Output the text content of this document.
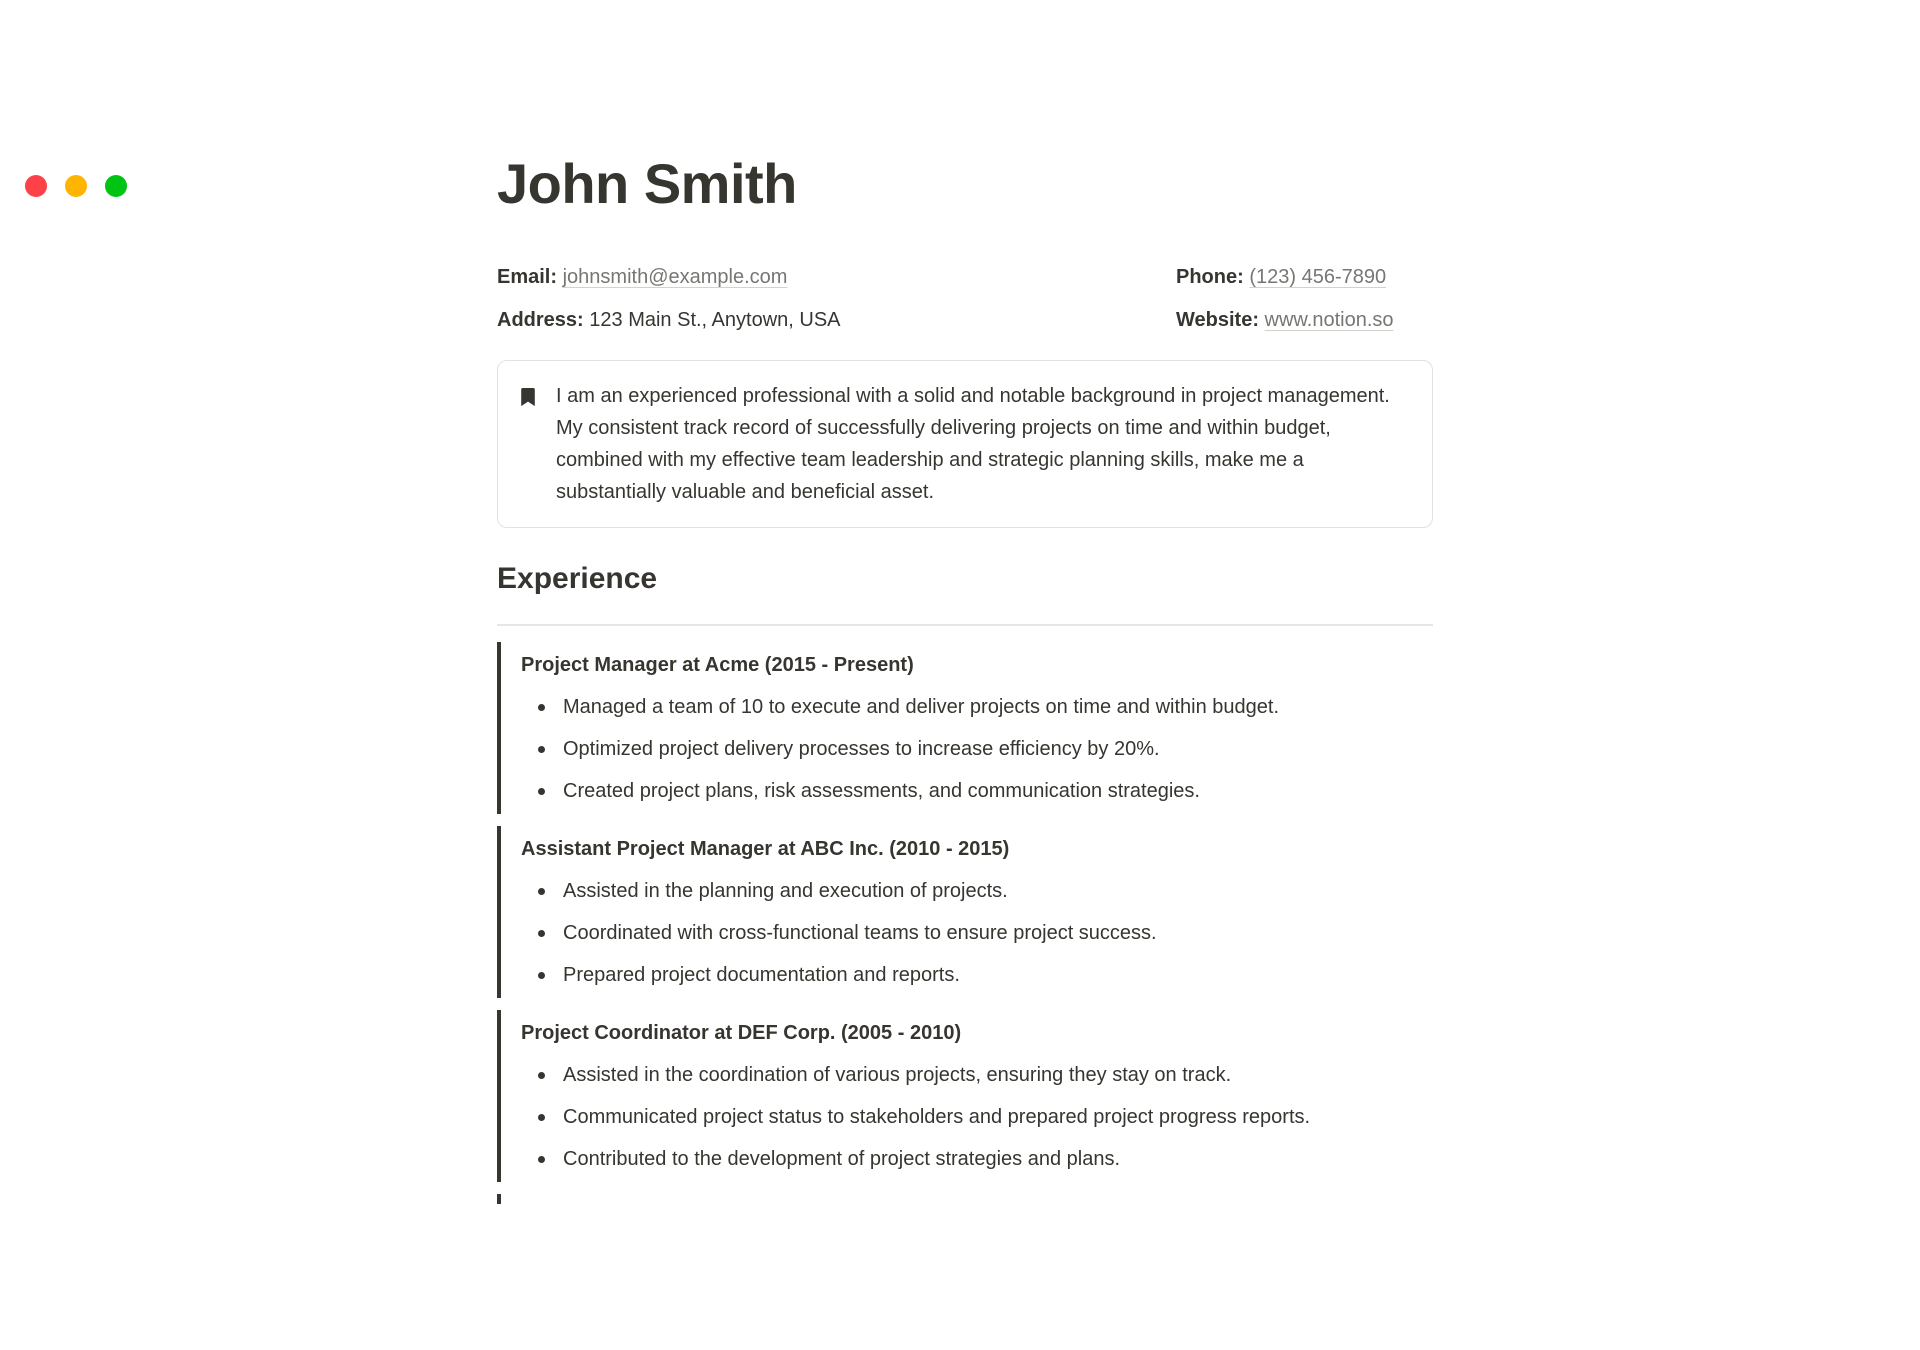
John Smith
Email: johnsmith@example.com	Phone: (123) 456-7890
Address: 123 Main St., Anytown, USA	Website: www.notion.so

I am an experienced professional with a solid and notable background in project management. My consistent track record of successfully delivering projects on time and within budget, combined with my effective team leadership and strategic planning skills, make me a substantially valuable and beneficial asset.

Experience
Project Manager at Acme (2015 - Present)
Managed a team of 10 to execute and deliver projects on time and within budget.
Optimized project delivery processes to increase efficiency by 20%.
Created project plans, risk assessments, and communication strategies.
Assistant Project Manager at ABC Inc. (2010 - 2015)
Assisted in the planning and execution of projects.
Coordinated with cross-functional teams to ensure project success.
Prepared project documentation and reports.
Project Coordinator at DEF Corp. (2005 - 2010)
Assisted in the coordination of various projects, ensuring they stay on track.
Communicated project status to stakeholders and prepared project progress reports.
Contributed to the development of project strategies and plans.
